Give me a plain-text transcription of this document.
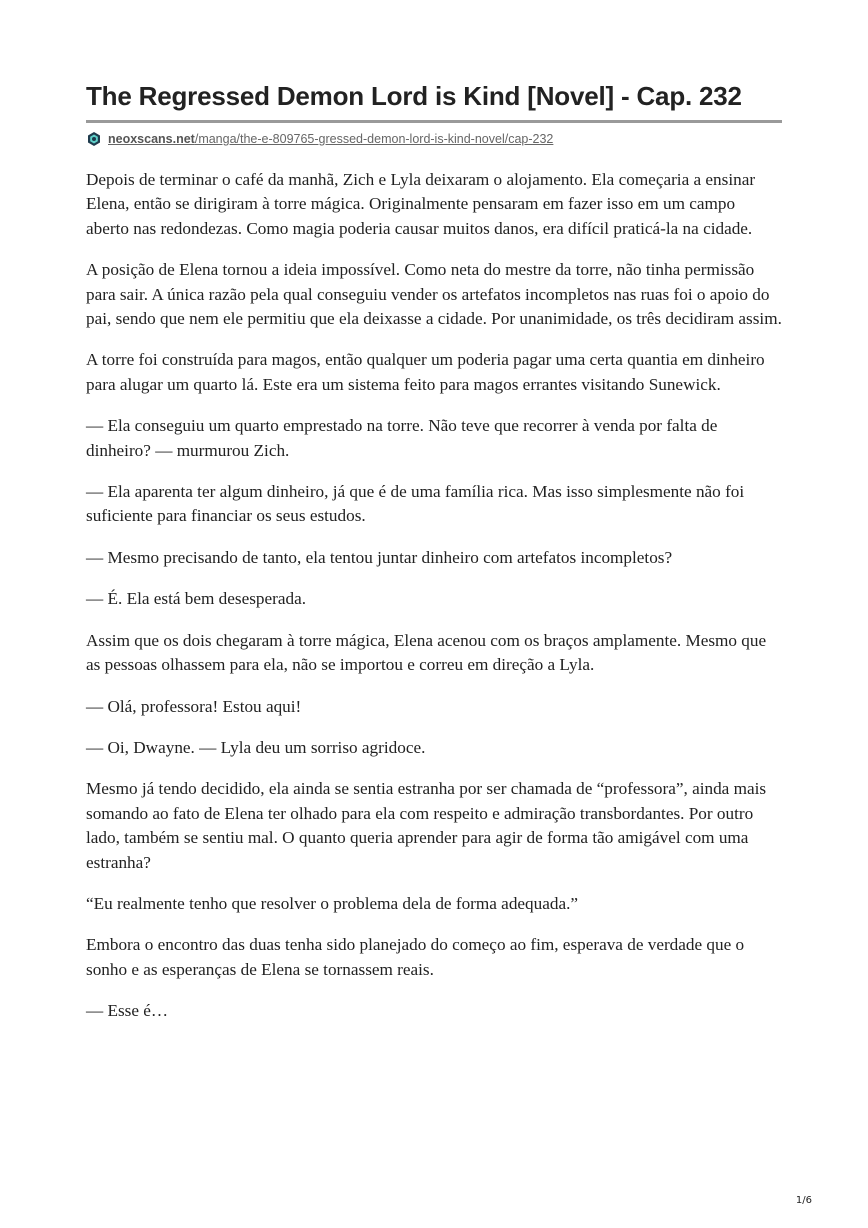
The Regressed Demon Lord is Kind [Novel] - Cap. 232
neoxscans.net/manga/the-e-809765-gressed-demon-lord-is-kind-novel/cap-232

Depois de terminar o café da manhã, Zich e Lyla deixaram o alojamento. Ela começaria a ensinar Elena, então se dirigiram à torre mágica. Originalmente pensaram em fazer isso em um campo aberto nas redondezas. Como magia poderia causar muitos danos, era difícil praticá-la na cidade.

A posição de Elena tornou a ideia impossível. Como neta do mestre da torre, não tinha permissão para sair. A única razão pela qual conseguiu vender os artefatos incompletos nas ruas foi o apoio do pai, sendo que nem ele permitiu que ela deixasse a cidade. Por unanimidade, os três decidiram assim.

A torre foi construída para magos, então qualquer um poderia pagar uma certa quantia em dinheiro para alugar um quarto lá. Este era um sistema feito para magos errantes visitando Sunewick.

— Ela conseguiu um quarto emprestado na torre. Não teve que recorrer à venda por falta de dinheiro? — murmurou Zich.

— Ela aparenta ter algum dinheiro, já que é de uma família rica. Mas isso simplesmente não foi suficiente para financiar os seus estudos.

— Mesmo precisando de tanto, ela tentou juntar dinheiro com artefatos incompletos?

— É. Ela está bem desesperada.

Assim que os dois chegaram à torre mágica, Elena acenou com os braços amplamente. Mesmo que as pessoas olhassem para ela, não se importou e correu em direção a Lyla.

— Olá, professora! Estou aqui!

— Oi, Dwayne. — Lyla deu um sorriso agridoce.

Mesmo já tendo decidido, ela ainda se sentia estranha por ser chamada de “professora”, ainda mais somando ao fato de Elena ter olhado para ela com respeito e admiração transbordantes. Por outro lado, também se sentiu mal. O quanto queria aprender para agir de forma tão amigável com uma estranha?

“Eu realmente tenho que resolver o problema dela de forma adequada.”

Embora o encontro das duas tenha sido planejado do começo ao fim, esperava de verdade que o sonho e as esperanças de Elena se tornassem reais.

— Esse é…

1/6
